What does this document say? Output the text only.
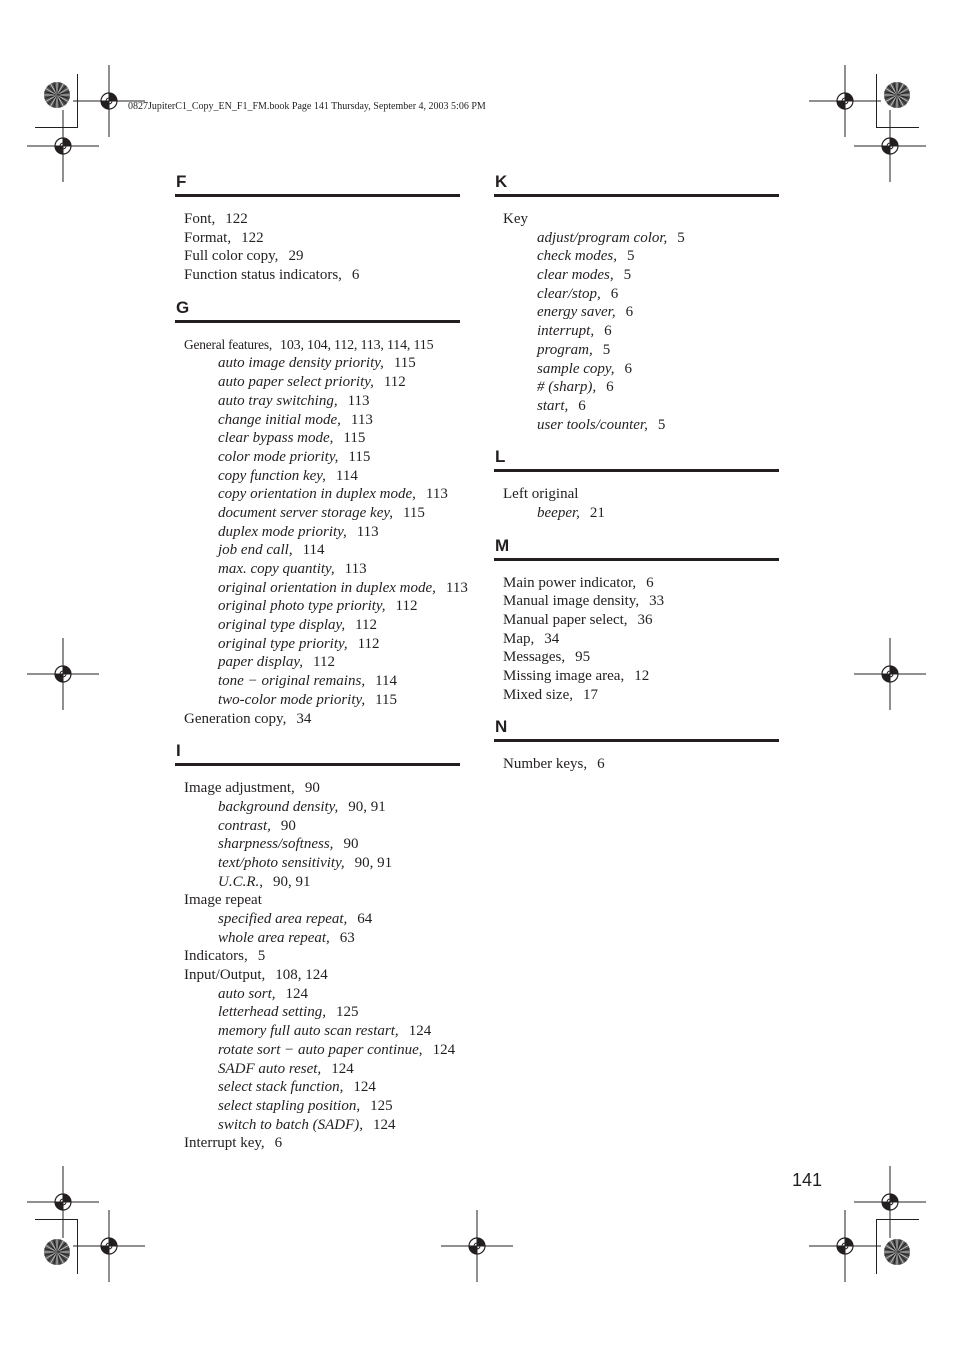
0827JupiterC1_Copy_EN_F1_FM.book Page 141 Thursday, September 4, 2003 5:06 PM
F
Font, 122
Format, 122
Full color copy, 29
Function status indicators, 6
G
General features, 103, 104, 112, 113, 114, 115
auto image density priority, 115
auto paper select priority, 112
auto tray switching, 113
change initial mode, 113
clear bypass mode, 115
color mode priority, 115
copy function key, 114
copy orientation in duplex mode, 113
document server storage key, 115
duplex mode priority, 113
job end call, 114
max. copy quantity, 113
original orientation in duplex mode, 113
original photo type priority, 112
original type display, 112
original type priority, 112
paper display, 112
tone − original remains, 114
two-color mode priority, 115
Generation copy, 34
I
Image adjustment, 90
background density, 90, 91
contrast, 90
sharpness/softness, 90
text/photo sensitivity, 90, 91
U.C.R., 90, 91
Image repeat
specified area repeat, 64
whole area repeat, 63
Indicators, 5
Input/Output, 108, 124
auto sort, 124
letterhead setting, 125
memory full auto scan restart, 124
rotate sort − auto paper continue, 124
SADF auto reset, 124
select stack function, 124
select stapling position, 125
switch to batch (SADF), 124
Interrupt key, 6
K
Key
adjust/program color, 5
check modes, 5
clear modes, 5
clear/stop, 6
energy saver, 6
interrupt, 6
program, 5
sample copy, 6
# (sharp), 6
start, 6
user tools/counter, 5
L
Left original
beeper, 21
M
Main power indicator, 6
Manual image density, 33
Manual paper select, 36
Map, 34
Messages, 95
Missing image area, 12
Mixed size, 17
N
Number keys, 6
141
